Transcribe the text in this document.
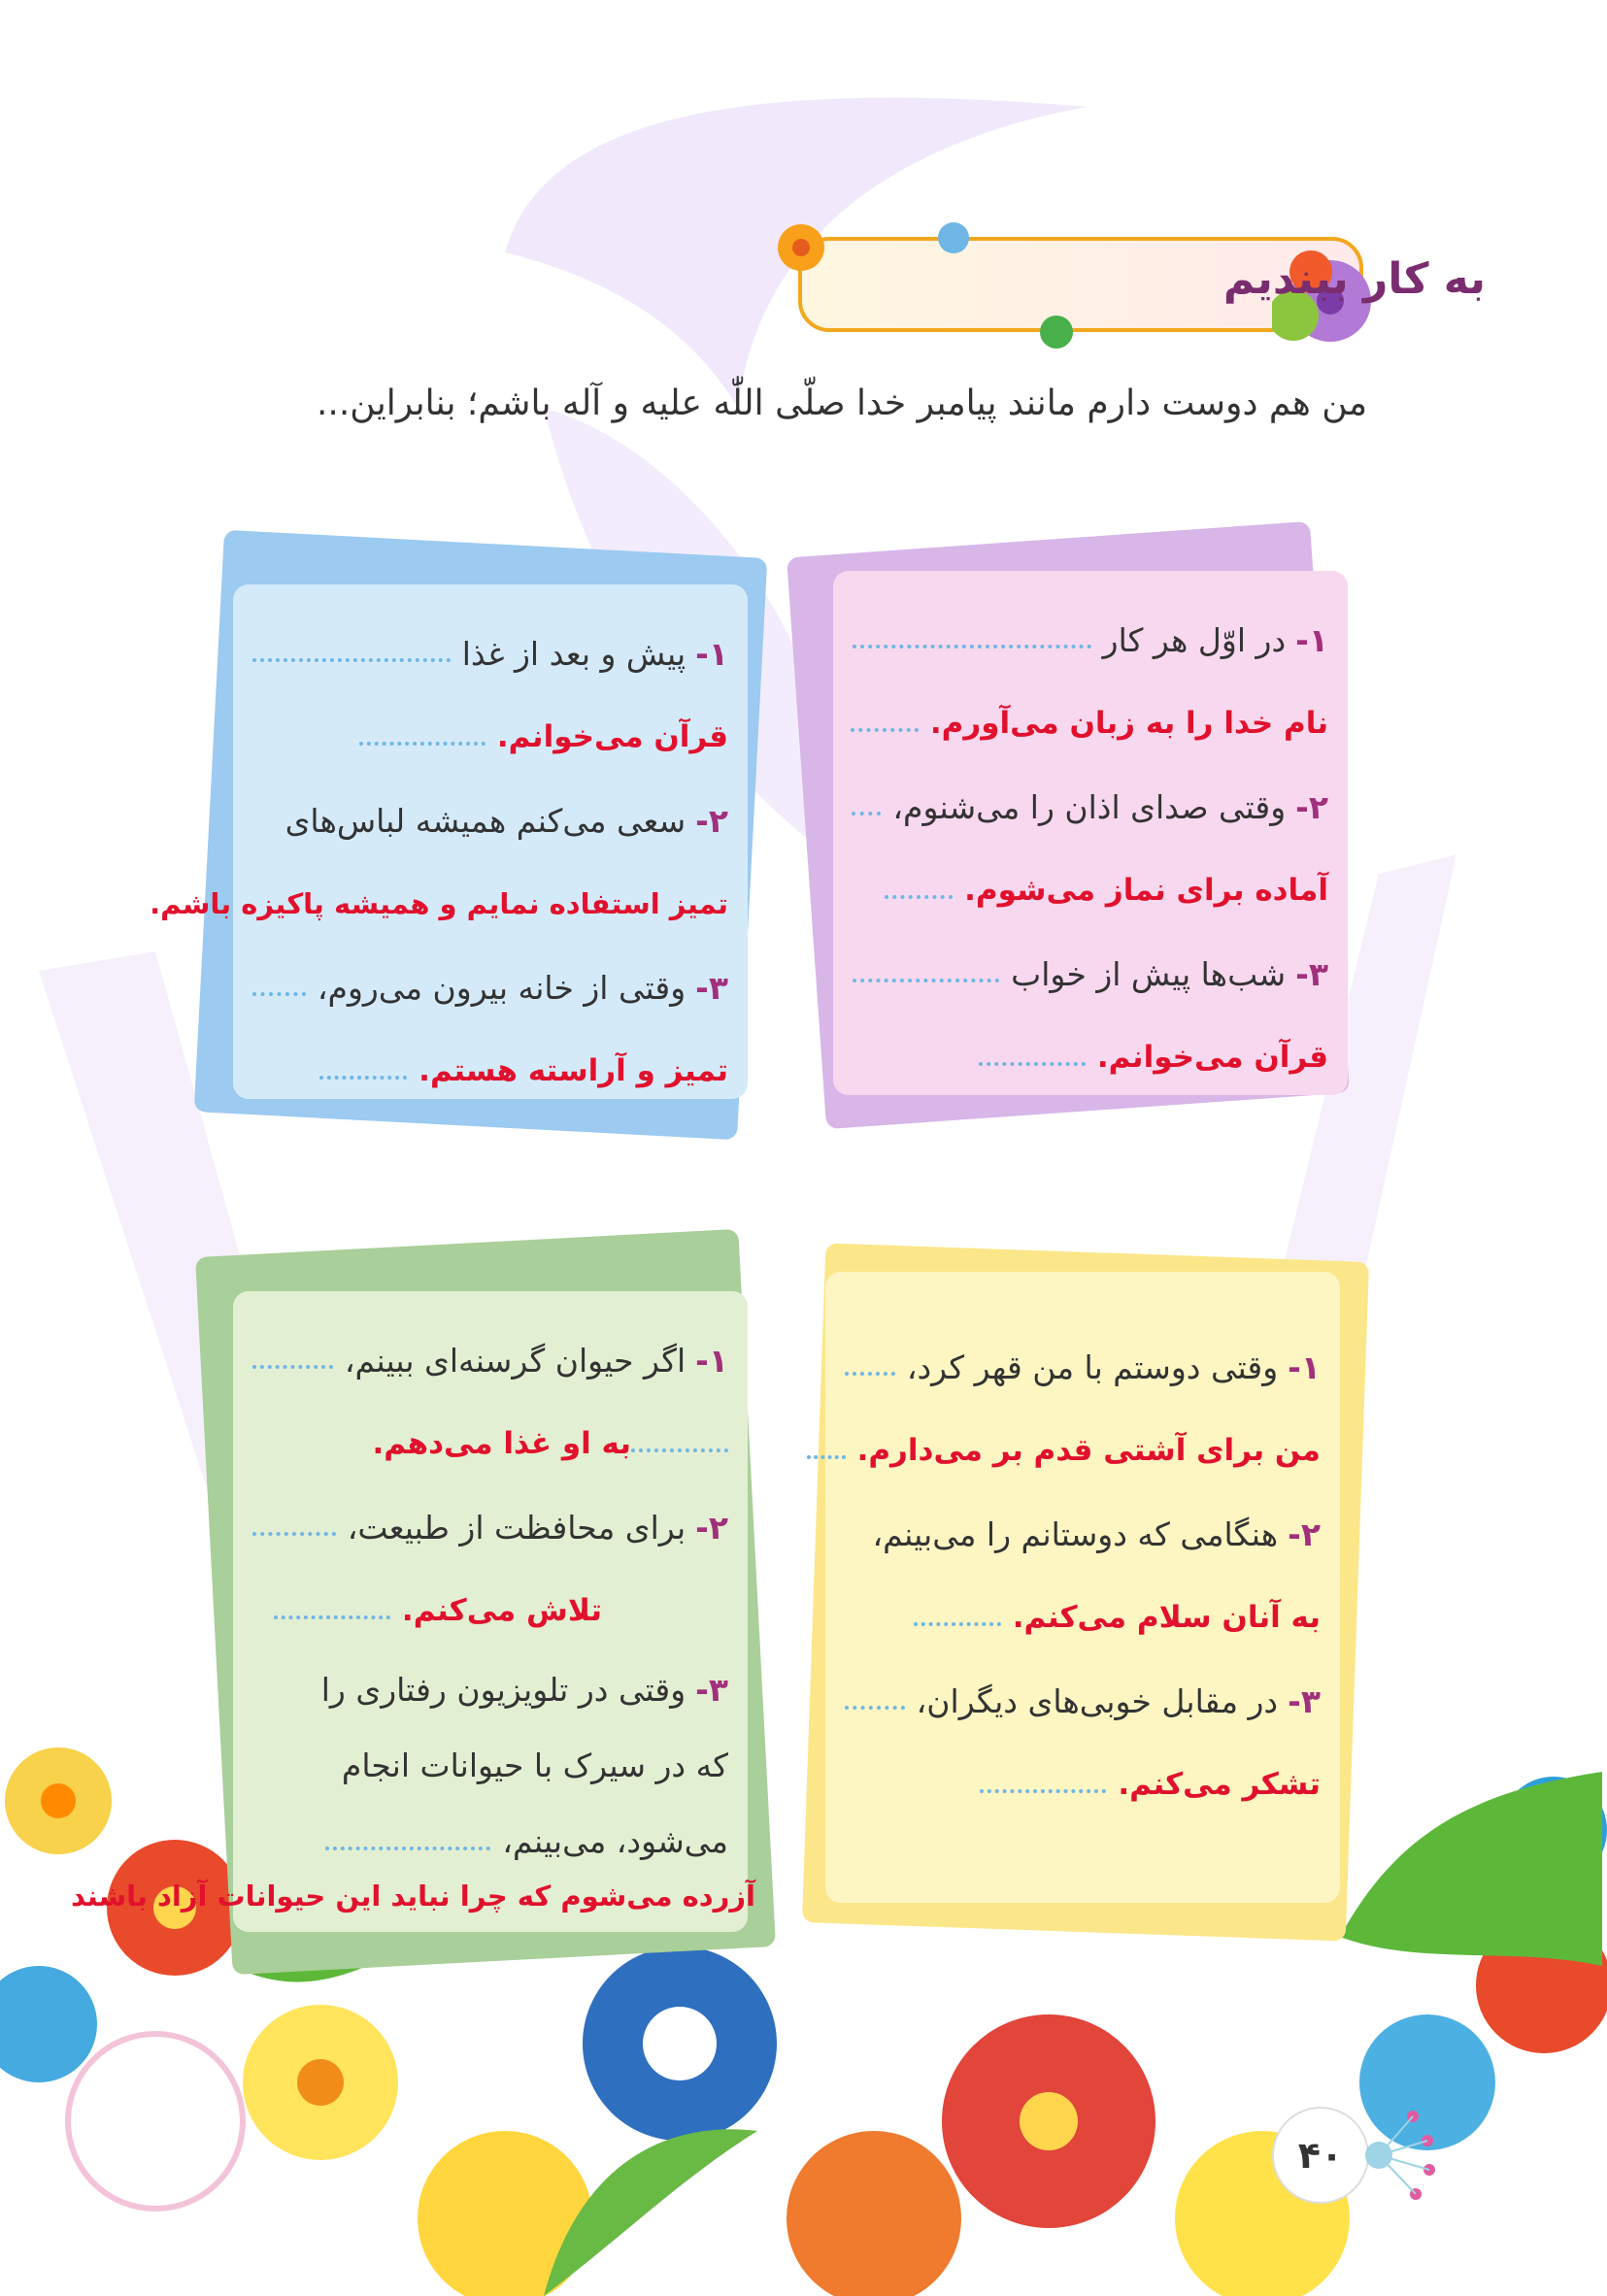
به کار ببندیم
من هم دوست دارم مانند پیامبر خدا صلّی اللّٰه علیه و آله باشم؛ بنابراین...
۱-
در اوّل هر کار
نام خدا را به زبان می‌آورم.
۲-
وقتی صدای اذان را می‌شنوم،
آماده برای نماز می‌شوم.
۳-
شب‌ها پیش از خواب
قرآن می‌خوانم.
۱-
پیش و بعد از غذا
قرآن می‌خوانم.
۲-
سعی می‌کنم همیشه لباس‌های
تمیز استفاده نمایم و همیشه پاکیزه باشم.
۳-
وقتی از خانه بیرون می‌روم،
تمیز و آراسته هستم.
۱-
وقتی دوستم با من قهر کرد،
من برای آشتی قدم بر می‌دارم.
۲-
هنگامی که دوستانم را می‌بینم،
به آنان سلام می‌کنم.
۳-
در مقابل خوبی‌های دیگران،
تشکر می‌کنم.
۱-
اگر حیوان گرسنه‌ای ببینم،
به او غذا می‌دهم.
۲-
برای محافظت از طبیعت،
تلاش می‌کنم.
۳-وقتی در تلویزیون رفتاری را
که در سیرک با حیوانات انجام
می‌شود، می‌بینم،
آزرده می‌شوم که چرا نباید این حیوانات آزاد باشند
۴۰
